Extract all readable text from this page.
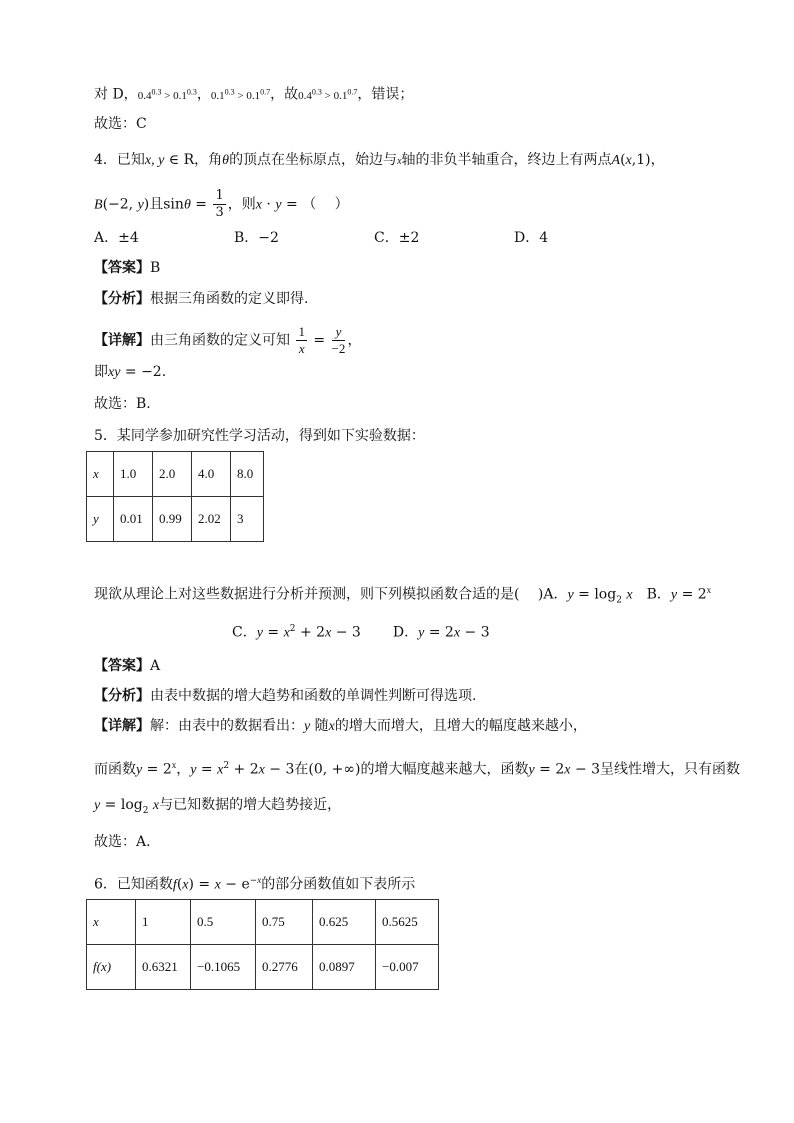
对 D，$0.4^{0.3} > 0.1^{0.3}$，$0.1^{0.3} > 0.1^{0.7}$，故$0.4^{0.3} > 0.1^{0.7}$，错误；
故选：C
4．已知x, y ∈ R，角θ的顶点在坐标原点，始边与x轴的非负半轴重合，终边上有两点A(x,1)，
B(−2, y)且$\sin\theta = \frac{1}{3}$ ，则x · y = （　 ）
A．±4	B．−2	C．±2	D．4
【答案】B
【分析】根据三角函数的定义即得.
【详解】由三角函数的定义可知 $\frac{1}{x} = \frac{y}{-2}$ ，
即xy = −2.
故选：B.
5．某同学参加研究性学习活动，得到如下实验数据：
x	1.0	2.0	4.0	8.0
y	0.01	0.99	2.02	3
现欲从理论上对这些数据进行分析并预测，则下列模拟函数合适的是(　 )A．$y = \log_2 x$　B．$y = 2^x$
C．$y = x^2 + 2x - 3$　D．y = 2x − 3
【答案】A
【分析】由表中数据的增大趋势和函数的单调性判断可得选项.
【详解】解：由表中的数据看出：y 随x的增大而增大，且增大的幅度越来越小，
而函数$y = 2^x$，$y = x^2 + 2x - 3$在(0, +∞)的增大幅度越来越大，函数y = 2x − 3呈线性增大，只有函数
$y = \log_2 x$与已知数据的增大趋势接近，
故选：A.
6．已知函数$f(x) = x - e^{-x}$的部分函数值如下表所示
x	1	0.5	0.75	0.625	0.5625
f(x)	0.6321	−0.1065	0.2776	0.0897	−0.007
